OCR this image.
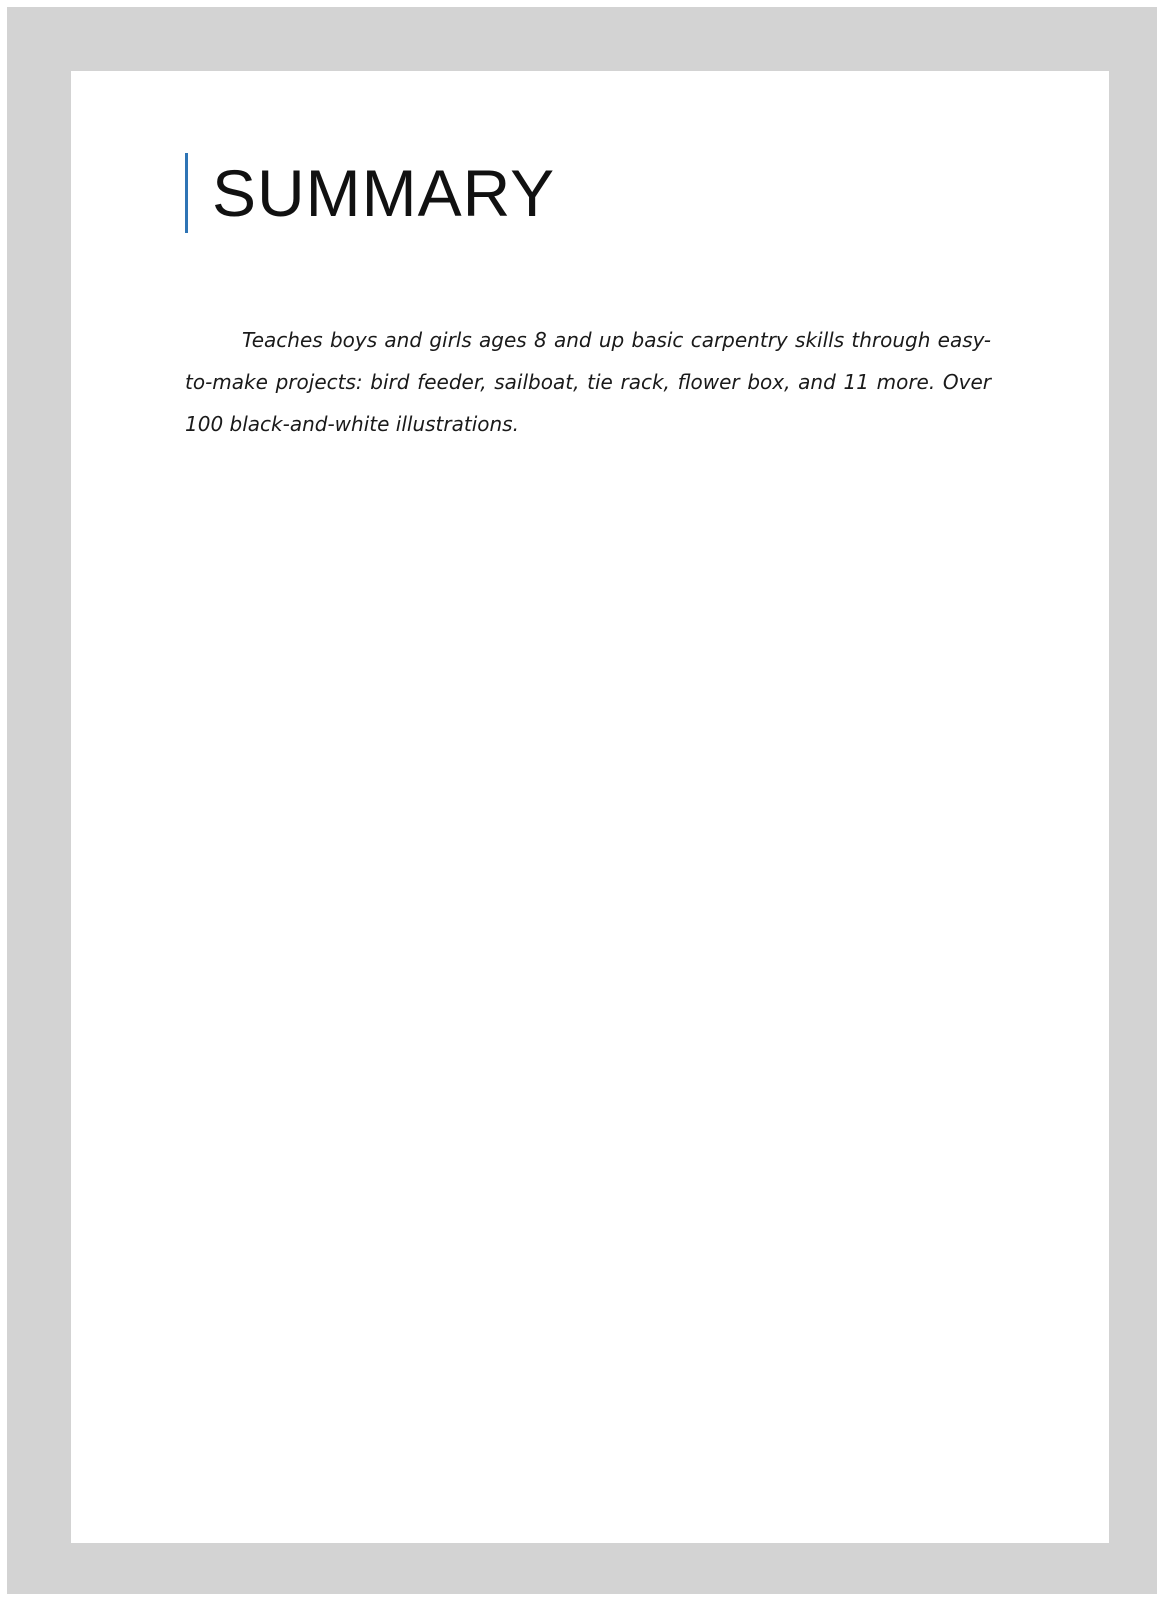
SUMMARY

Teaches boys and girls ages 8 and up basic carpentry skills through easy-to-make projects: bird feeder, sailboat, tie rack, flower box, and 11 more. Over 100 black-and-white illustrations.
